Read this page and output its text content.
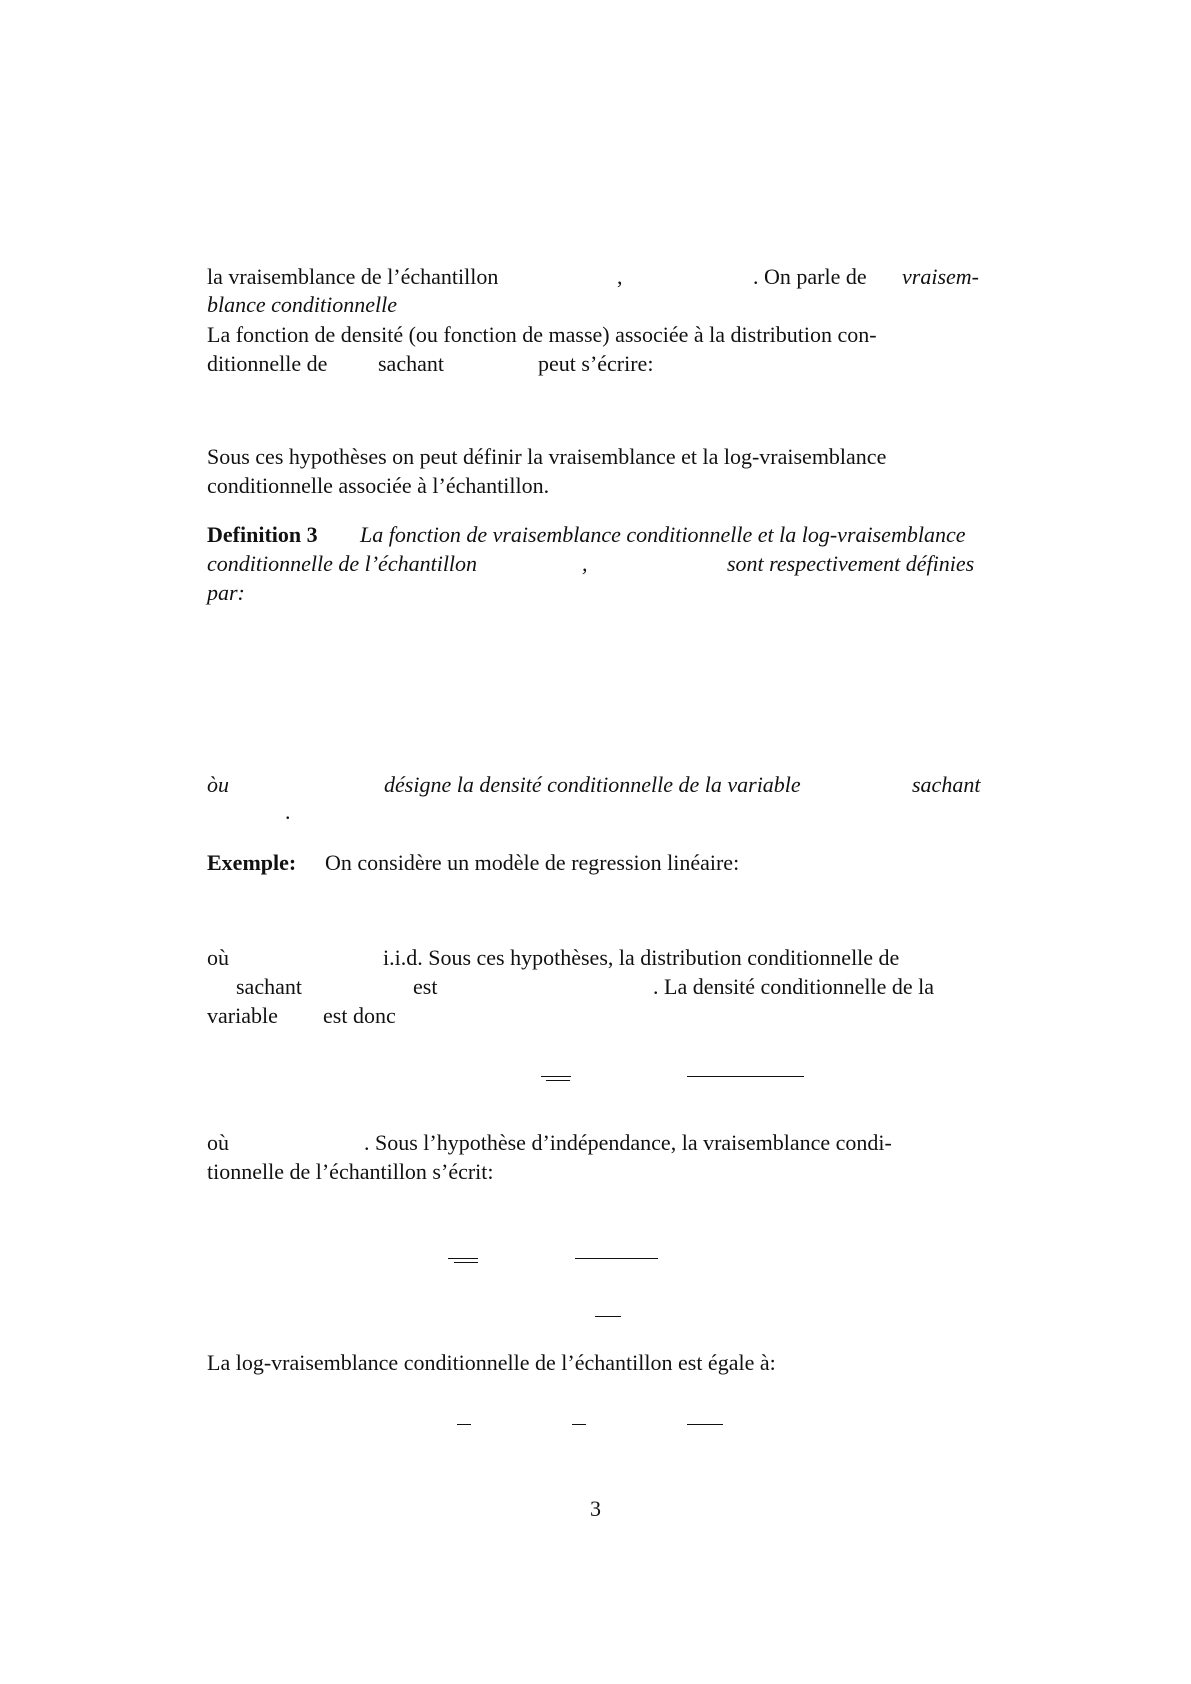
la vraisemblance de l’échantillon	,	. On parle de vraisem-
blance conditionnelle
La fonction de densité (ou fonction de masse) associée à la distribution con-
ditionnelle de sachant	peut s’écrire:
Sous ces hypothèses on peut définir la vraisemblance et la log-vraisemblance
conditionnelle associée à l’échantillon.
Definition 3 La fonction de vraisemblance conditionnelle et la log-vraisemblance
conditionnelle de l’échantillon	,	sont respectivement définies
par:
òu	désigne la densité conditionnelle de la variable	sachant
.
Exemple: On considère un modèle de regression linéaire:
où	i.i.d. Sous ces hypothèses, la distribution conditionnelle de
sachant	est	. La densité conditionnelle de la
variable est donc
où	. Sous l’hypothèse d’indépendance, la vraisemblance condi-
tionnelle de l’échantillon s’écrit:
La log-vraisemblance conditionnelle de l’échantillon est égale à:
3
